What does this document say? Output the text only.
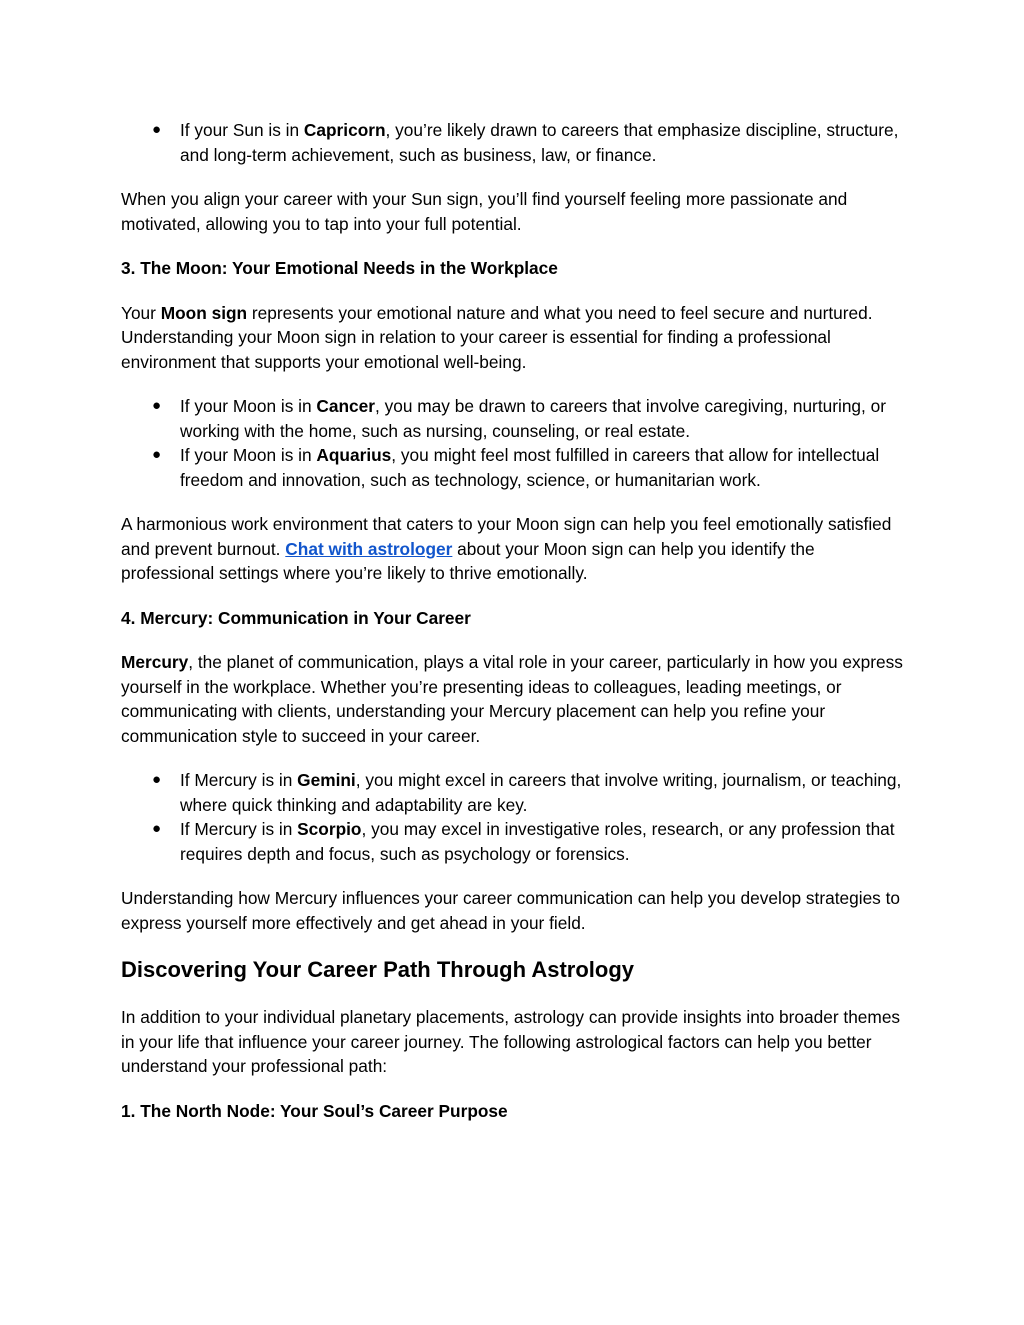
● If your Sun is in Capricorn, you’re likely drawn to careers that emphasize discipline, structure, and long-term achievement, such as business, law, or finance.

When you align your career with your Sun sign, you’ll find yourself feeling more passionate and motivated, allowing you to tap into your full potential.

3. The Moon: Your Emotional Needs in the Workplace

Your Moon sign represents your emotional nature and what you need to feel secure and nurtured. Understanding your Moon sign in relation to your career is essential for finding a professional environment that supports your emotional well-being.

● If your Moon is in Cancer, you may be drawn to careers that involve caregiving, nurturing, or working with the home, such as nursing, counseling, or real estate.
● If your Moon is in Aquarius, you might feel most fulfilled in careers that allow for intellectual freedom and innovation, such as technology, science, or humanitarian work.

A harmonious work environment that caters to your Moon sign can help you feel emotionally satisfied and prevent burnout. Chat with astrologer about your Moon sign can help you identify the professional settings where you’re likely to thrive emotionally.

4. Mercury: Communication in Your Career

Mercury, the planet of communication, plays a vital role in your career, particularly in how you express yourself in the workplace. Whether you’re presenting ideas to colleagues, leading meetings, or communicating with clients, understanding your Mercury placement can help you refine your communication style to succeed in your career.

● If Mercury is in Gemini, you might excel in careers that involve writing, journalism, or teaching, where quick thinking and adaptability are key.
● If Mercury is in Scorpio, you may excel in investigative roles, research, or any profession that requires depth and focus, such as psychology or forensics.

Understanding how Mercury influences your career communication can help you develop strategies to express yourself more effectively and get ahead in your field.

Discovering Your Career Path Through Astrology

In addition to your individual planetary placements, astrology can provide insights into broader themes in your life that influence your career journey. The following astrological factors can help you better understand your professional path:

1. The North Node: Your Soul’s Career Purpose
